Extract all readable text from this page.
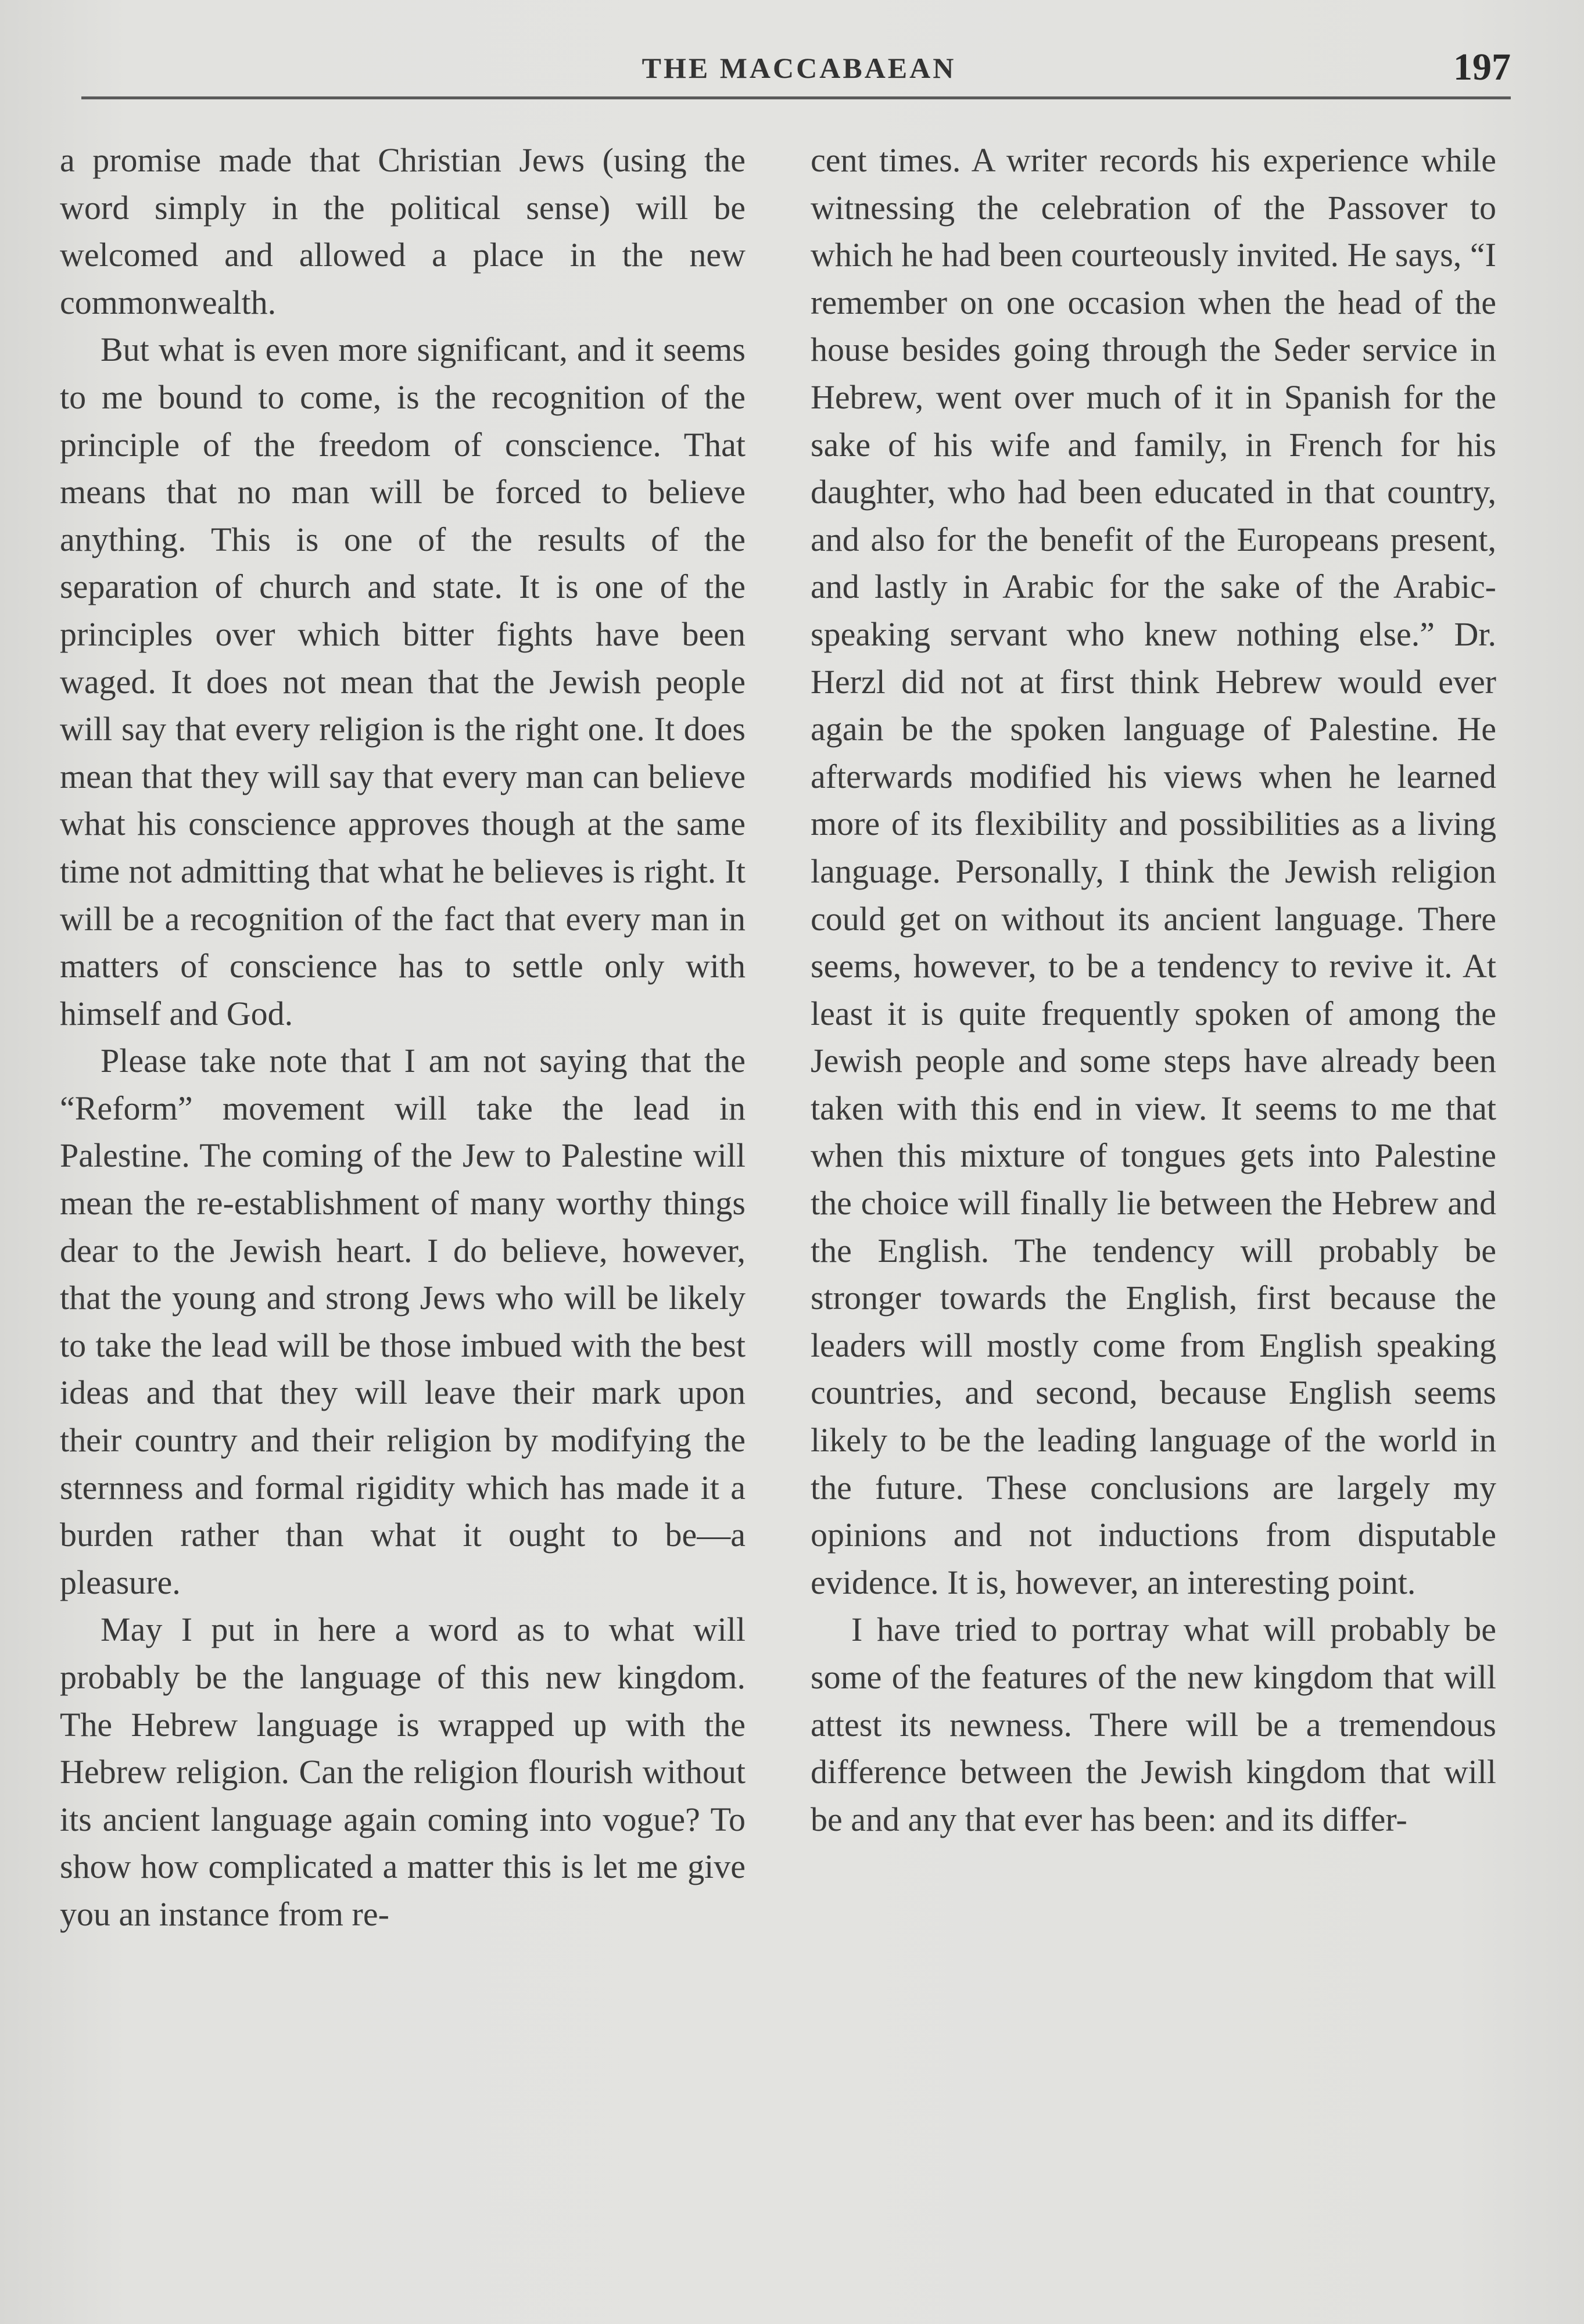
THE MACCABAEAN	197

a promise made that Christian Jews (using the word simply in the political sense) will be welcomed and allowed a place in the new commonwealth.

But what is even more significant, and it seems to me bound to come, is the recognition of the principle of the freedom of conscience. That means that no man will be forced to believe anything. This is one of the results of the separation of church and state. It is one of the principles over which bitter fights have been waged. It does not mean that the Jewish people will say that every religion is the right one. It does mean that they will say that every man can believe what his conscience approves though at the same time not admitting that what he believes is right. It will be a recognition of the fact that every man in matters of conscience has to settle only with himself and God.

Please take note that I am not saying that the “Reform” movement will take the lead in Palestine. The coming of the Jew to Palestine will mean the re-establishment of many worthy things dear to the Jewish heart. I do believe, however, that the young and strong Jews who will be likely to take the lead will be those imbued with the best ideas and that they will leave their mark upon their country and their religion by modifying the sternness and formal rigidity which has made it a burden rather than what it ought to be—a pleasure.

May I put in here a word as to what will probably be the language of this new kingdom. The Hebrew language is wrapped up with the Hebrew religion. Can the religion flourish without its ancient language again coming into vogue? To show how complicated a matter this is let me give you an instance from re-

cent times. A writer records his experience while witnessing the celebration of the Passover to which he had been courteously invited. He says, “I remember on one occasion when the head of the house besides going through the Seder service in Hebrew, went over much of it in Spanish for the sake of his wife and family, in French for his daughter, who had been educated in that country, and also for the benefit of the Europeans present, and lastly in Arabic for the sake of the Arabic-speaking servant who knew nothing else.” Dr. Herzl did not at first think Hebrew would ever again be the spoken language of Palestine. He afterwards modified his views when he learned more of its flexibility and possibilities as a living language. Personally, I think the Jewish religion could get on without its ancient language. There seems, however, to be a tendency to revive it. At least it is quite frequently spoken of among the Jewish people and some steps have already been taken with this end in view. It seems to me that when this mixture of tongues gets into Palestine the choice will finally lie between the Hebrew and the English. The tendency will probably be stronger towards the English, first because the leaders will mostly come from English speaking countries, and second, because English seems likely to be the leading language of the world in the future. These conclusions are largely my opinions and not inductions from disputable evidence. It is, however, an interesting point.

I have tried to portray what will probably be some of the features of the new kingdom that will attest its newness. There will be a tremendous difference between the Jewish kingdom that will be and any that ever has been: and its differ-
